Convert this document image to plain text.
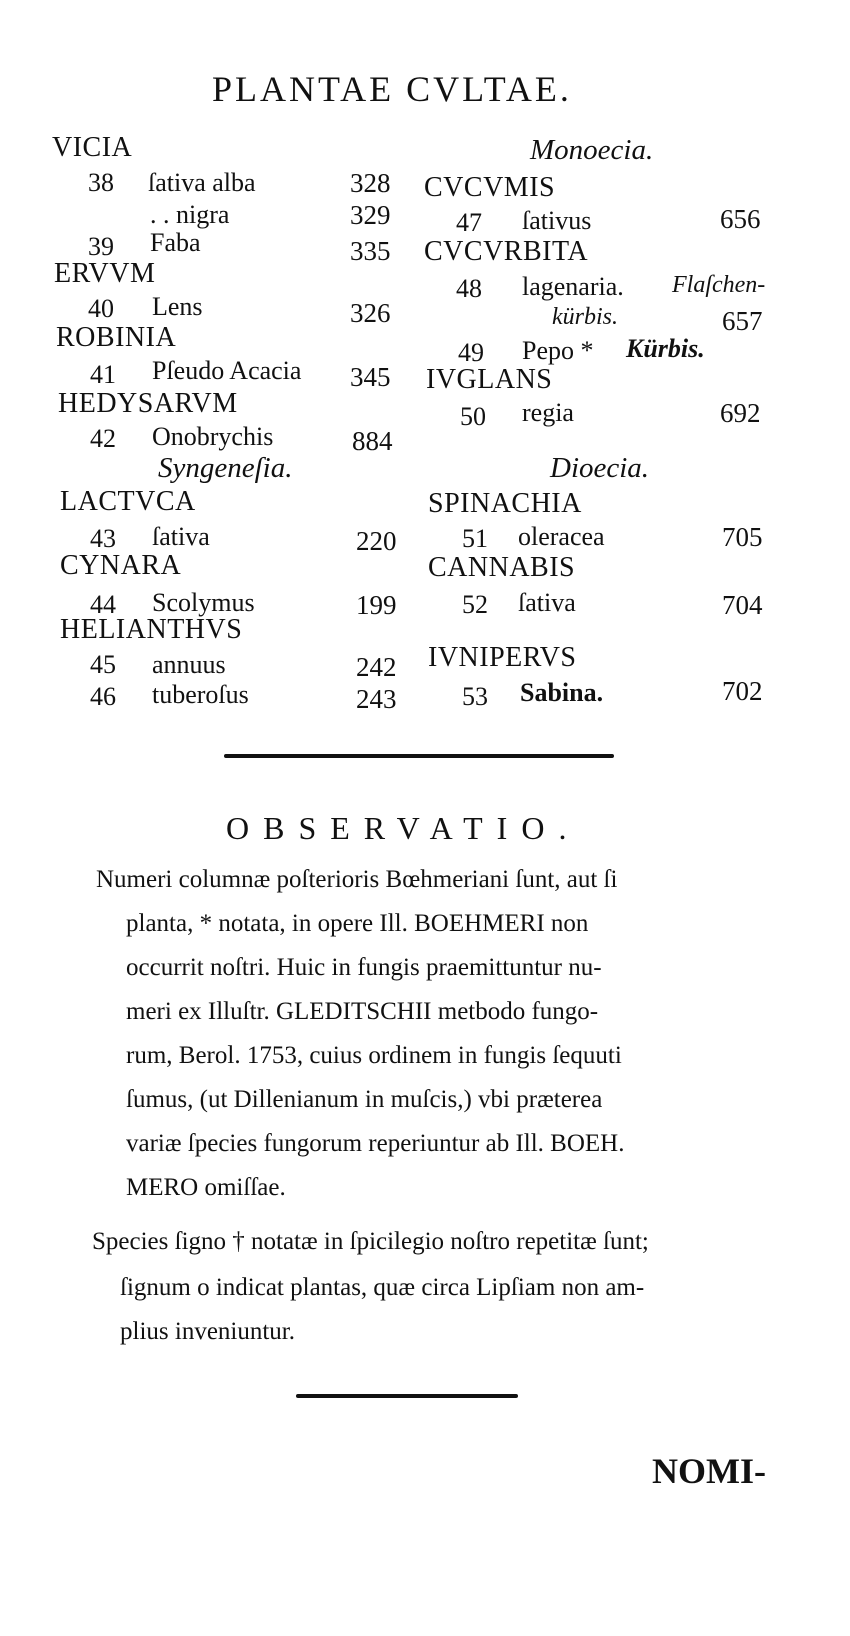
PLANTAE CVLTAE.
VICIA
38 ſativa alba	328
. . nigra	329
39 Faba	335
ERVVM
40 Lens	326
ROBINIA
41 Pſeudo Acacia 345
HEDYSARVM
42 Onobrychis	884
Syngeneſia.
LACTVCA
43 ſativa	220
CYNARA
44 Scolymus	199
HELIANTHVS
45 annuus	242
46 tuberoſus	243
Monoecia.
CVCVMIS
47 ſativus	656
CVCVRBITA
48 lagenaria. Flaſchen-
kürbis.	657
49 Pepo * Kürbis.
IVGLANS
50 regia	692
Dioecia.
SPINACHIA
51 oleracea	705
CANNABIS
52 ſativa	704
IVNIPERVS
53 Sabina.	702
OBSERVATIO.
Numeri columnæ poſterioris Bœhmeriani ſunt, aut ſi
planta, * notata, in opere Ill. BOEHMERI non
occurrit noſtri. Huic in fungis praemittuntur nu-
meri ex Illuſtr. GLEDITSCHII metbodo fungo-
rum, Berol. 1753, cuius ordinem in fungis ſequuti
ſumus, (ut Dillenianum in muſcis,) vbi præterea
variæ ſpecies fungorum reperiuntur ab Ill. BOEH.
MERO omiſſae.
Species ſigno † notatæ in ſpicilegio noſtro repetitæ ſunt;
ſignum o indicat plantas, quæ circa Lipſiam non am-
plius inveniuntur.
NOMI-
